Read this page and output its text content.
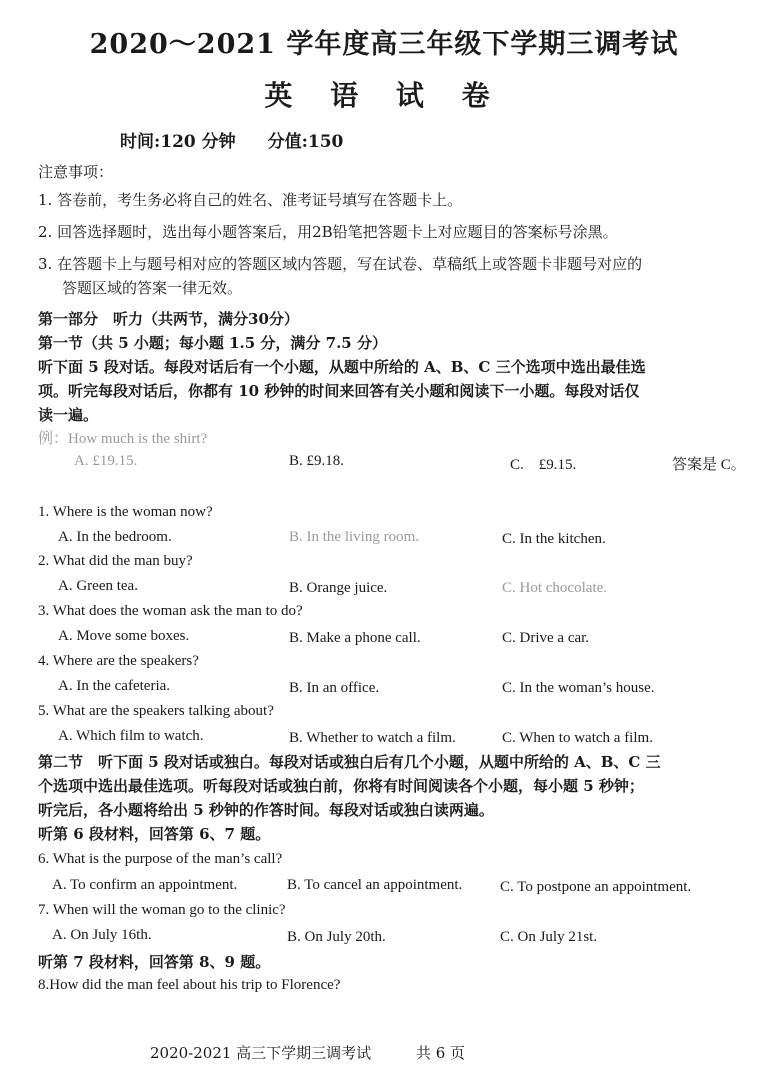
2020～2021 学年度高三年级下学期三调考试
英 语 试 卷
时间:120 分钟 分值:150
注意事项：
1. 答卷前，考生务必将自己的姓名、准考证号填写在答题卡上。
2. 回答选择题时，选出每小题答案后，用2B铅笔把答题卡上对应题目的答案标号涂黑。
3. 在答题卡上与题号相对应的答题区域内答题，写在试卷、草稿纸上或答题卡非题号对应的
答题区域的答案一律无效。
第一部分　听力（共两节，满分30分）
第一节（共 5 小题；每小题 1.5 分，满分 7.5 分）
听下面 5 段对话。每段对话后有一个小题，从题中所给的 A、B、C 三个选项中选出最佳选
项。听完每段对话后，你都有 10 秒钟的时间来回答有关小题和阅读下一小题。每段对话仅
读一遍。
例：How much is the shirt?
A. £19.15.	B. £9.18.	C.　£9.15.	答案是 C。
1. Where is the woman now?
A. In the bedroom.	B. In the living room.	C. In the kitchen.
2. What did the man buy?
A. Green tea.	B. Orange juice.	C. Hot chocolate.
3. What does the woman ask the man to do?
A. Move some boxes.	B. Make a phone call.	C. Drive a car.
4. Where are the speakers?
A. In the cafeteria.	B. In an office.	C. In the woman’s house.
5. What are the speakers talking about?
A. Which film to watch.	B. Whether to watch a film.	C. When to watch a film.
第二节　听下面 5 段对话或独白。每段对话或独白后有几个小题，从题中所给的 A、B、C 三
个选项中选出最佳选项。听每段对话或独白前，你将有时间阅读各个小题，每小题 5 秒钟；
听完后，各小题将给出 5 秒钟的作答时间。每段对话或独白读两遍。
听第 6 段材料，回答第 6、7 题。
6. What is the purpose of the man’s call?
A. To confirm an appointment.	B. To cancel an appointment.	C. To postpone an appointment.
7. When will the woman go to the clinic?
A. On July 16th.	B. On July 20th.	C. On July 21st.
听第 7 段材料，回答第 8、9 题。
8.How did the man feel about his trip to Florence?
2020-2021 高三下学期三调考试	共 6 页
